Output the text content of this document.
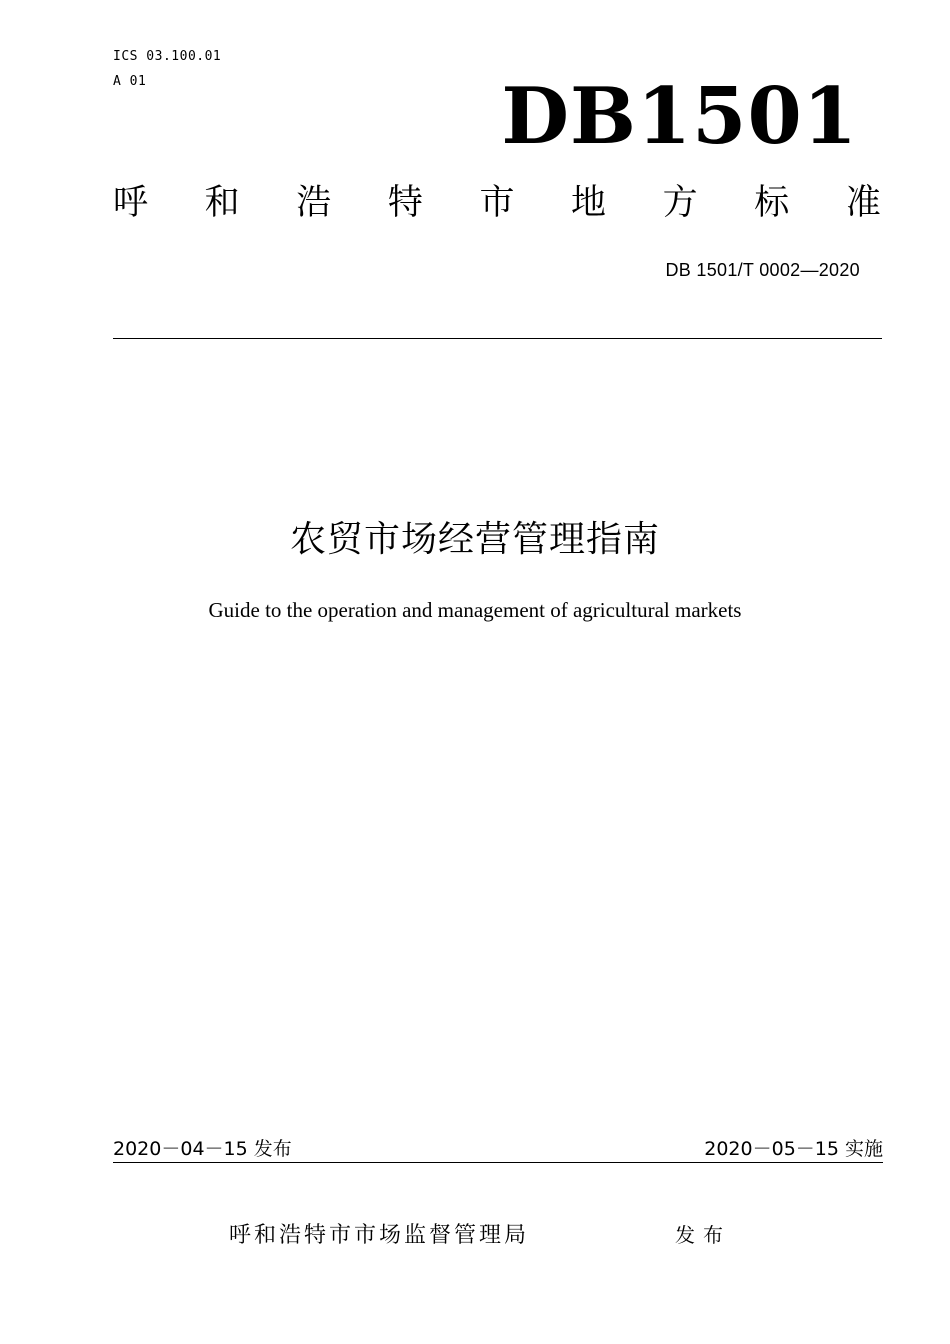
ICS 03.100.01
A 01	DB1501
呼 和 浩 特 市 地 方 标 准
DB 1501/T 0002—2020
农贸市场经营管理指南
Guide to the operation and management of agricultural markets
2020－04－15 发布	2020－05－15 实施
呼和浩特市市场监督管理局	发布
